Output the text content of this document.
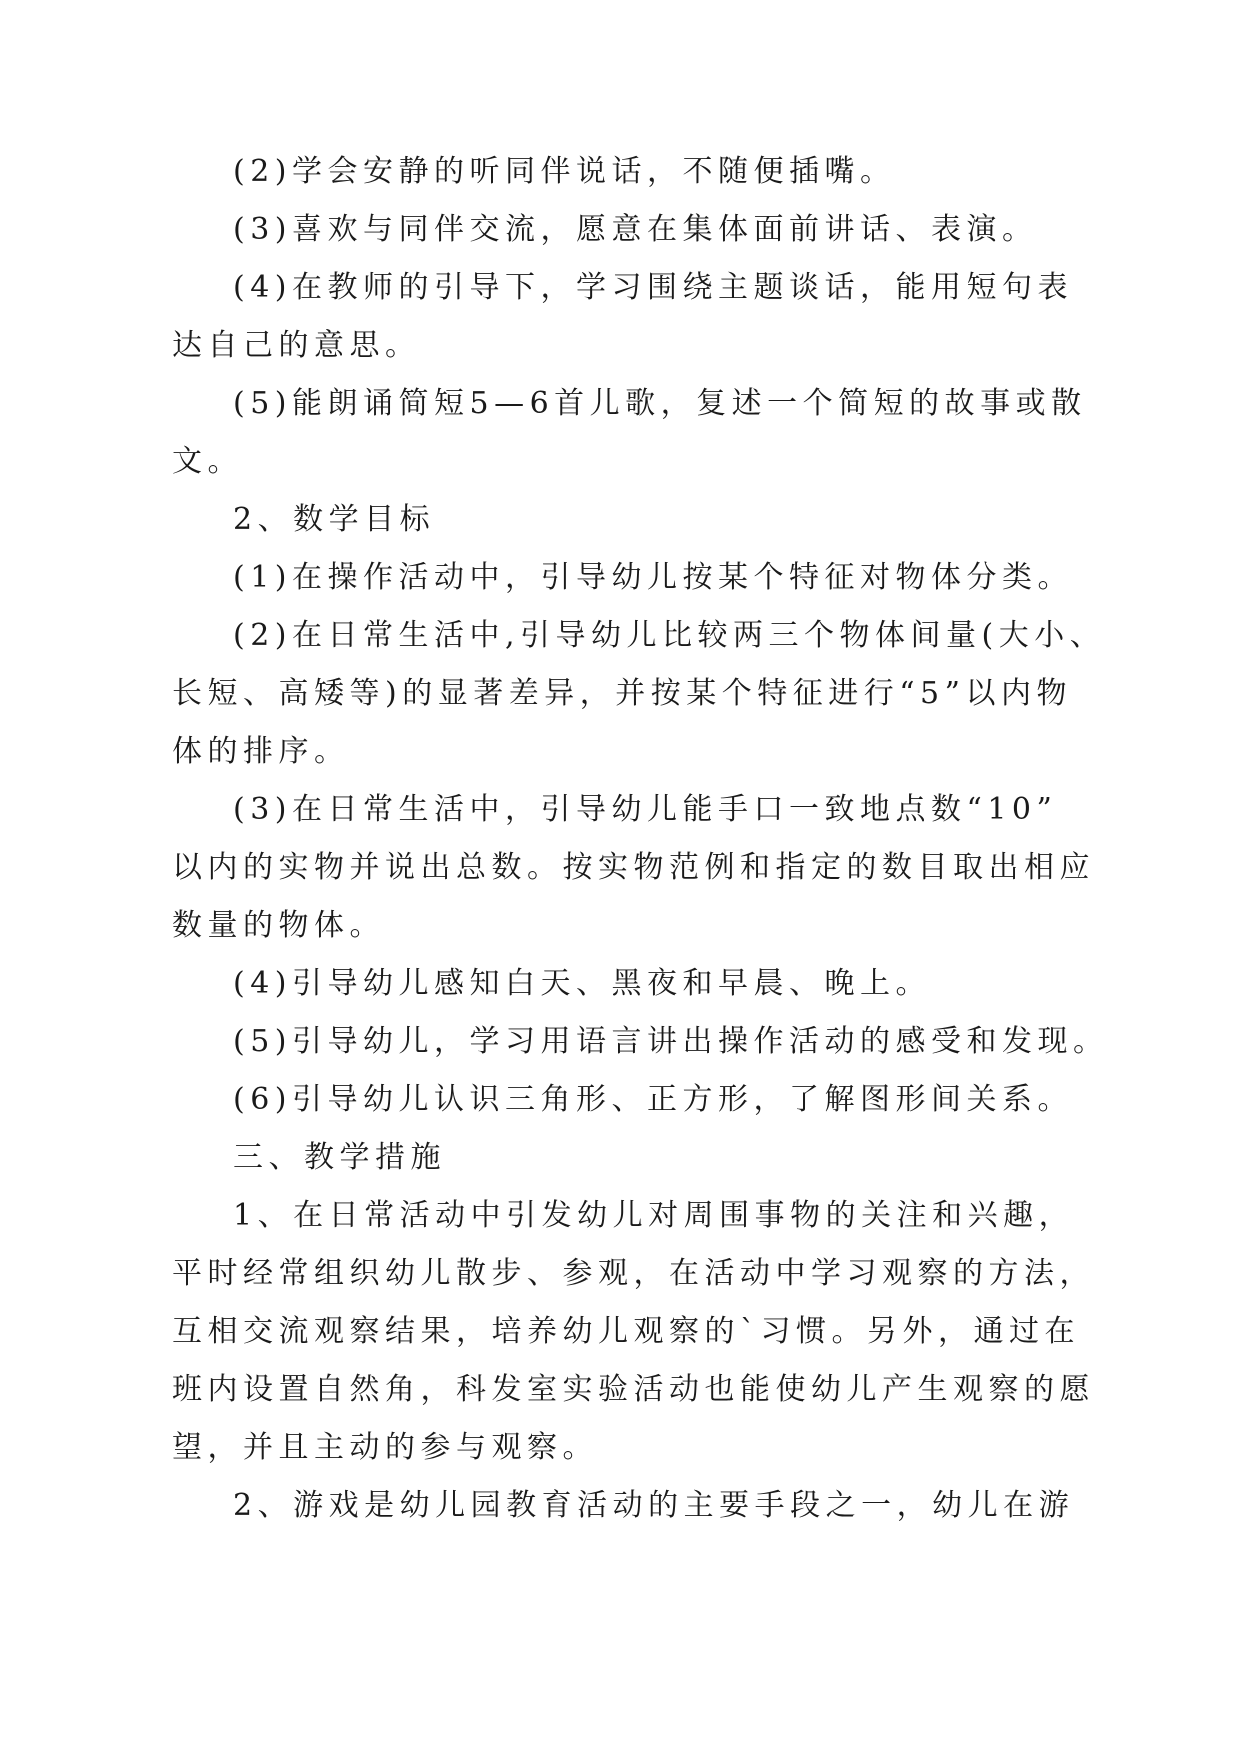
(2)学会安静的听同伴说话，不随便插嘴。
(3)喜欢与同伴交流，愿意在集体面前讲话、表演。
(4)在教师的引导下，学习围绕主题谈话，能用短句表
达自己的意思。
(5)能朗诵简短5—6首儿歌，复述一个简短的故事或散
文。
2、数学目标
(1)在操作活动中，引导幼儿按某个特征对物体分类。
(2)在日常生活中,引导幼儿比较两三个物体间量(大小、
长短、高矮等)的显著差异，并按某个特征进行“5”以内物
体的排序。
(3)在日常生活中，引导幼儿能手口一致地点数“10”
以内的实物并说出总数。按实物范例和指定的数目取出相应
数量的物体。
(4)引导幼儿感知白天、黑夜和早晨、晚上。
(5)引导幼儿，学习用语言讲出操作活动的感受和发现。
(6)引导幼儿认识三角形、正方形，了解图形间关系。
三、教学措施
1、在日常活动中引发幼儿对周围事物的关注和兴趣，
平时经常组织幼儿散步、参观，在活动中学习观察的方法，
互相交流观察结果，培养幼儿观察的`习惯。另外，通过在
班内设置自然角，科发室实验活动也能使幼儿产生观察的愿
望，并且主动的参与观察。
2、游戏是幼儿园教育活动的主要手段之一，幼儿在游
